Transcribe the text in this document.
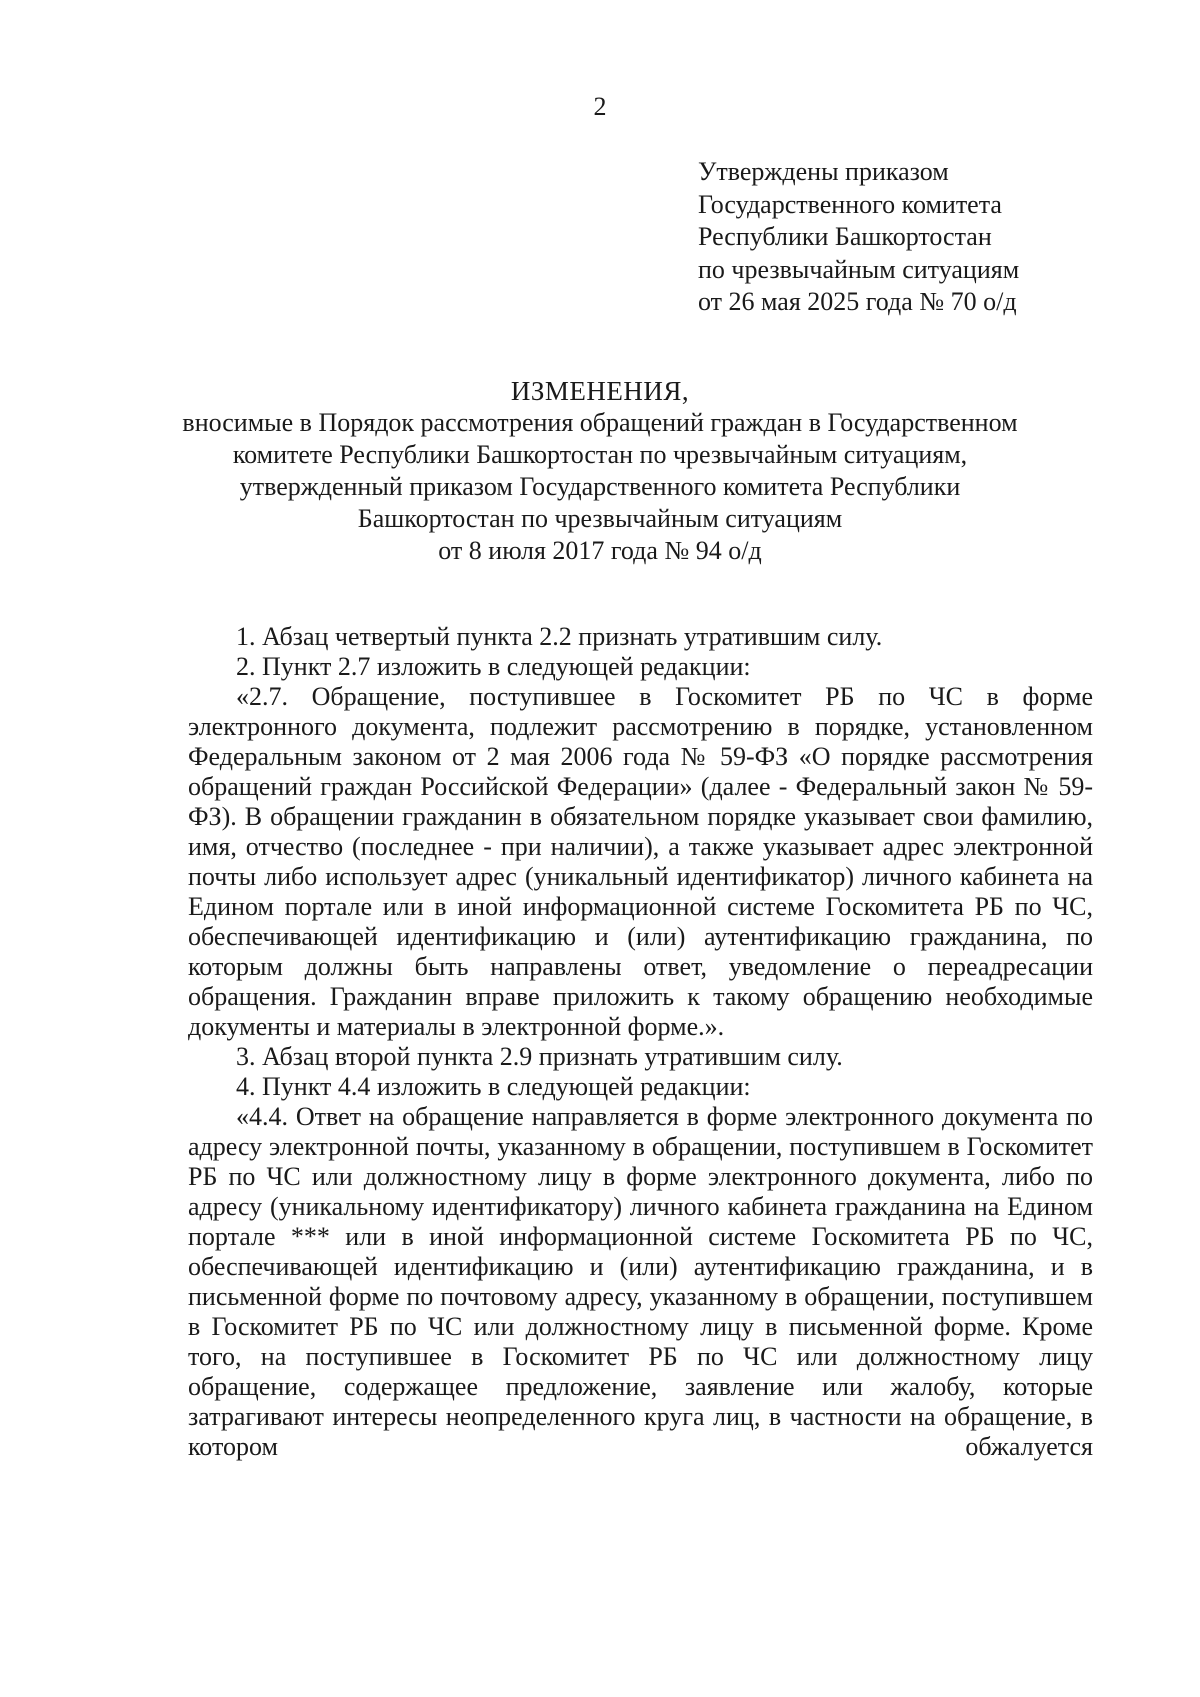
2
Утверждены приказом
Государственного комитета
Республики Башкортостан
по чрезвычайным ситуациям
от 26 мая 2025 года № 70 о/д
ИЗМЕНЕНИЯ,
вносимые в Порядок рассмотрения обращений граждан в Государственном
комитете Республики Башкортостан по чрезвычайным ситуациям,
утвержденный приказом Государственного комитета Республики
Башкортостан по чрезвычайным ситуациям
от 8 июля 2017 года № 94 о/д

1. Абзац четвертый пункта 2.2 признать утратившим силу.

2. Пункт 2.7 изложить в следующей редакции:

«2.7. Обращение, поступившее в Госкомитет РБ по ЧС в форме электронного документа, подлежит рассмотрению в порядке, установленном Федеральным законом от 2 мая 2006 года № 59-ФЗ «О порядке рассмотрения обращений граждан Российской Федерации» (далее - Федеральный закон № 59-ФЗ). В обращении гражданин в обязательном порядке указывает свои фамилию, имя, отчество (последнее - при наличии), а также указывает адрес электронной почты либо использует адрес (уникальный идентификатор) личного кабинета на Едином портале или в иной информационной системе Госкомитета РБ по ЧС, обеспечивающей идентификацию и (или) аутентификацию гражданина, по которым должны быть направлены ответ, уведомление о переадресации обращения. Гражданин вправе приложить к такому обращению необходимые документы и материалы в электронной форме.».

3. Абзац второй пункта 2.9 признать утратившим силу.

4. Пункт 4.4 изложить в следующей редакции:

«4.4. Ответ на обращение направляется в форме электронного документа по адресу электронной почты, указанному в обращении, поступившем в Госкомитет РБ по ЧС или должностному лицу в форме электронного документа, либо по адресу (уникальному идентификатору) личного кабинета гражданина на Едином портале *** или в иной информационной системе Госкомитета РБ по ЧС, обеспечивающей идентификацию и (или) аутентификацию гражданина, и в письменной форме по почтовому адресу, указанному в обращении, поступившем в Госкомитет РБ по ЧС или должностному лицу в письменной форме. Кроме того, на поступившее в Госкомитет РБ по ЧС или должностному лицу обращение, содержащее предложение, заявление или жалобу, которые затрагивают интересы неопределенного круга лиц, в частности на обращение, в котором обжалуется
